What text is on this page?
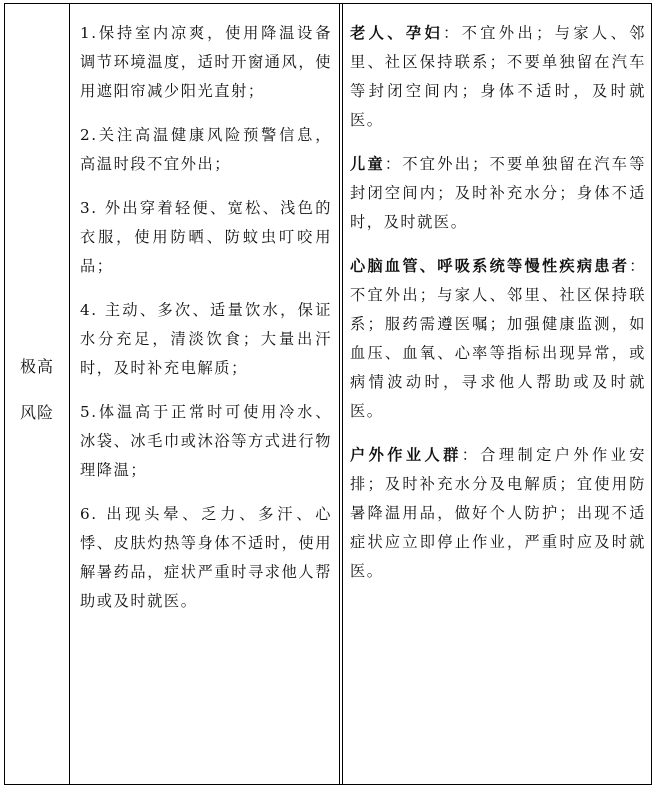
极高
风险

1.保持室内凉爽，使用降温设备调节环境温度，适时开窗通风，使用遮阳帘减少阳光直射；

2.关注高温健康风险预警信息，高温时段不宜外出；

3. 外出穿着轻便、宽松、浅色的衣服，使用防晒、防蚊虫叮咬用品；

4. 主动、多次、适量饮水，保证水分充足，清淡饮食；大量出汗时，及时补充电解质；

5.体温高于正常时可使用冷水、冰袋、冰毛巾或沐浴等方式进行物理降温；

6. 出现头晕、乏力、多汗、心悸、皮肤灼热等身体不适时，使用解暑药品，症状严重时寻求他人帮助或及时就医。

老人、孕妇：不宜外出；与家人、邻里、社区保持联系；不要单独留在汽车等封闭空间内；身体不适时，及时就医。

儿童：不宜外出；不要单独留在汽车等封闭空间内；及时补充水分；身体不适时，及时就医。

心脑血管、呼吸系统等慢性疾病患者：不宜外出；与家人、邻里、社区保持联系；服药需遵医嘱；加强健康监测，如血压、血氧、心率等指标出现异常，或病情波动时，寻求他人帮助或及时就医。

户外作业人群：合理制定户外作业安排；及时补充水分及电解质；宜使用防暑降温用品，做好个人防护；出现不适症状应立即停止作业，严重时应及时就医。
